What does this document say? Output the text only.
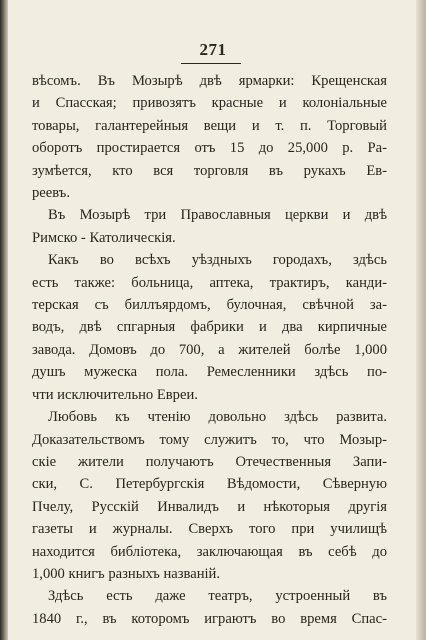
271

вѣсомъ. Въ Мозырѣ двѣ ярмарки: Крещенская
и Спасская; привозятъ красные и колоніальные
товары, галантерейныя вещи и т. п. Торговый
оборотъ простирается отъ 15 до 25,000 р. Ра-
зумѣется, кто вся торговля въ рукахъ Ев-
реевъ.

Въ Мозырѣ три Православныя церкви и двѣ
Римско - Католическія.

Какъ во всѣхъ уѣздныхъ городахъ, здѣсь
есть также: больница, аптека, трактиръ, канди-
терская съ биллъярдомъ, булочная, свѣчной за-
водъ, двѣ спгарныя фабрики и два кирпичные
завода. Домовъ до 700, а жителей болѣе 1,000
душъ мужеска пола. Ремесленники здѣсь по-
чти исключительно Евреи.

Любовь къ чтенію довольно здѣсь развита.
Доказательствомъ тому служитъ то, что Мозыр-
скіе жители получаютъ Отечественныя Запи-
ски, С. Петербургскія Вѣдомости, Сѣверную
Пчелу, Русскій Инвалидъ и нѣкоторыя другія
газеты и журналы. Сверхъ того при училищѣ
находится библіотека, заключающая въ себѣ до
1,000 книгъ разныхъ названій.

Здѣсь есть даже театръ, устроенный въ
1840 г., въ которомъ играютъ во время Спас-
